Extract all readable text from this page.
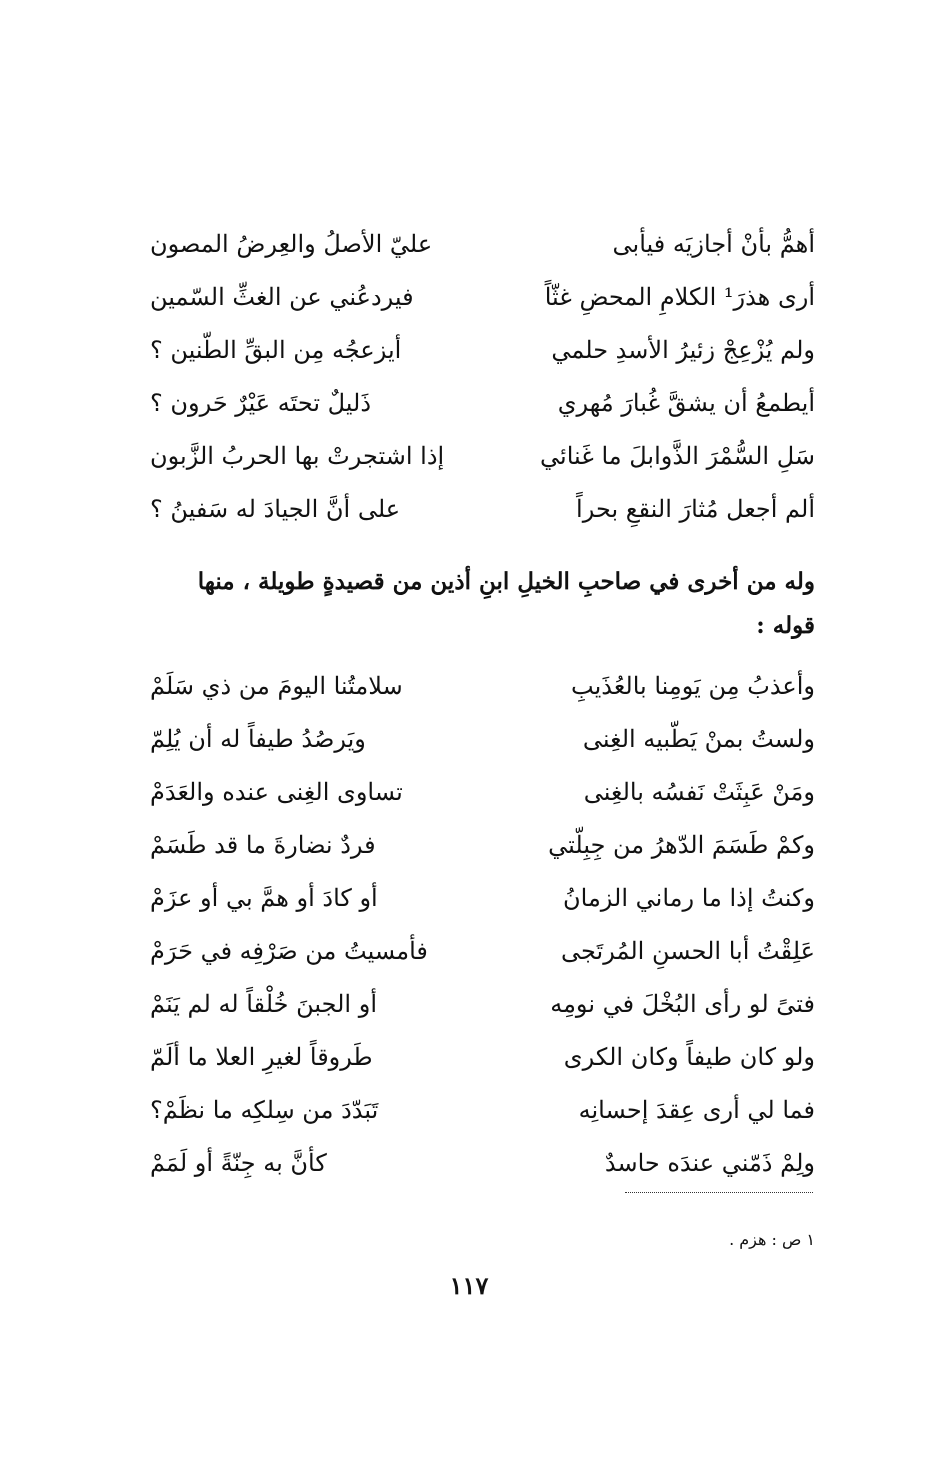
أهمُّ بأنْ أجازيَه فيأبى
عليّ الأصلُ والعِرضُ المصون
أرى هذرَ¹ الكلامِ المحضِ غثّاً
فيردعُني عن الغثِّ السّمين
ولم يُزْعِجْ زئيرُ الأسدِ حلمي
أيزعجُه مِن البقِّ الطّنين ؟
أيطمعُ أن يشقَّ غُبارَ مُهري
ذَليلٌ تحتَه عَيْرٌ حَرون ؟
سَلِ السُّمْرَ الذَّوابلَ ما غَنائي
إذا اشتجرتْ بها الحربُ الزَّبون
ألم أجعل مُثارَ النقعِ بحراً
على أنَّ الجيادَ له سَفينُ ؟
وله من أخرى في صاحبِ الخيلِ ابنِ أذين من قصيدةٍ طويلة ، منها
قوله :
وأعذبُ مِن يَومِنا بالعُذَيبِ
سلامتُنا اليومَ من ذي سَلَمْ
ولستُ بمنْ يَطّبيه الغِنى
ويَرصُدُ طيفاً له أن يُلِمّ
ومَنْ عَبِثَتْ نَفسُه بالغِنى
تساوى الغِنى عنده والعَدَمْ
وكمْ طَسَمَ الدّهرُ من جِبِلّتي
فردٌ نضارةَ ما قد طَسَمْ
وكنتُ إذا ما رماني الزمانُ
أو كادَ أو همَّ بي أو عزَمْ
عَلِقْتُ أبا الحسنِ المُرتَجى
فأمسيتُ من صَرْفِه في حَرَمْ
فتىً لو رأى البُخْلَ في نومِه
أو الجبنَ خُلْقاً له لم يَنَمْ
ولو كان طيفاً وكان الكرى
طَروقاً لغيرِ العلا ما ألَمّ
فما لي أرى عِقدَ إحسانِه
تَبَدّدَ من سِلكِه ما نظَمْ؟
ولِمْ ذَمّني عندَه حاسدٌ
كأنَّ به جِنّةً أو لَمَمْ
١ ص : هزم .
١١٧
